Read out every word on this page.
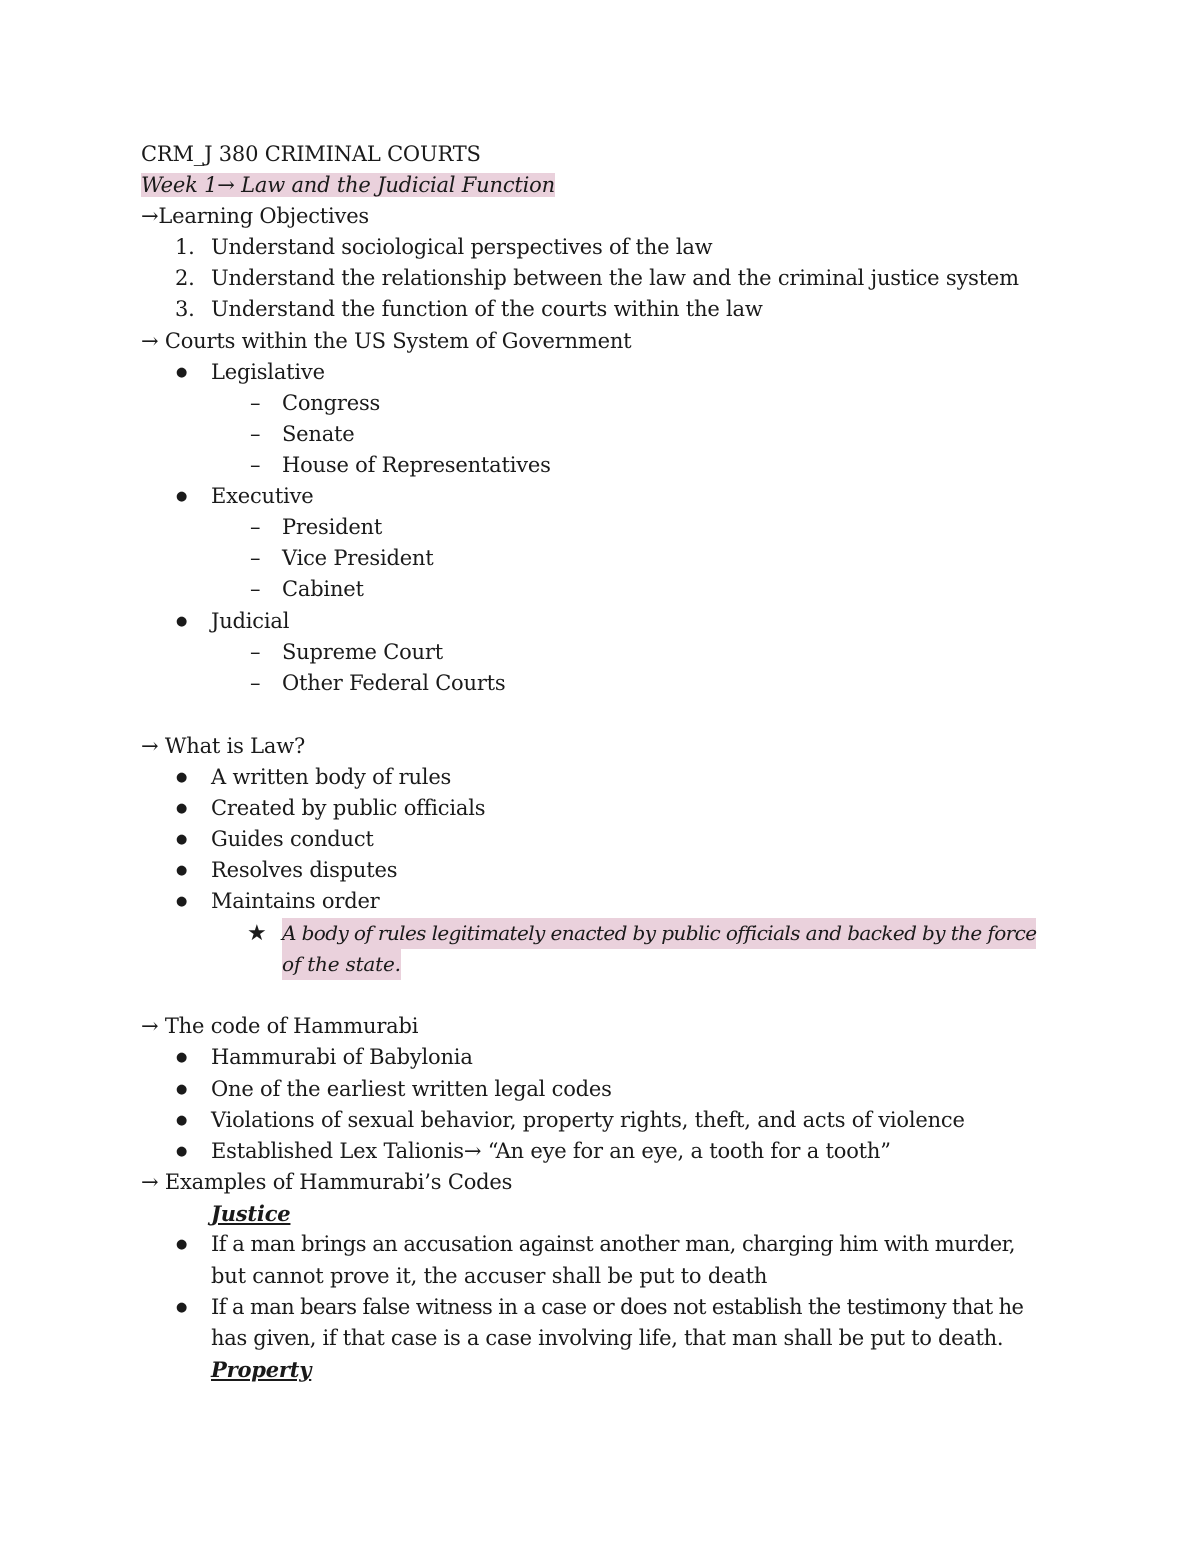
CRM_J 380 CRIMINAL COURTS
Week 1→ Law and the Judicial Function
→Learning Objectives
1. Understand sociological perspectives of the law
2. Understand the relationship between the law and the criminal justice system
3. Understand the function of the courts within the law
→ Courts within the US System of Government
● Legislative
– Congress
– Senate
– House of Representatives
● Executive
– President
– Vice President
– Cabinet
● Judicial
– Supreme Court
– Other Federal Courts
→ What is Law?
● A written body of rules
● Created by public officials
● Guides conduct
● Resolves disputes
● Maintains order
★ A body of rules legitimately enacted by public officials and backed by the force
of the state.
→ The code of Hammurabi
● Hammurabi of Babylonia
● One of the earliest written legal codes
● Violations of sexual behavior, property rights, theft, and acts of violence
● Established Lex Talionis→ “An eye for an eye, a tooth for a tooth”
→ Examples of Hammurabi’s Codes
Justice
● If a man brings an accusation against another man, charging him with murder,
but cannot prove it, the accuser shall be put to death
● If a man bears false witness in a case or does not establish the testimony that he
has given, if that case is a case involving life, that man shall be put to death.
Property
